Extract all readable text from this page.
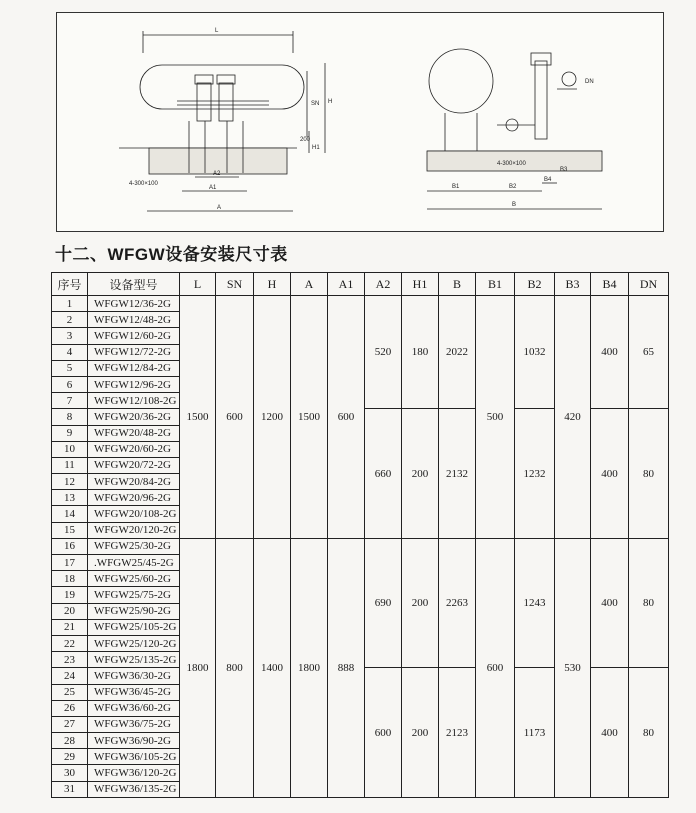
L
SN H
200
H1
A1
A2
A
4-300×100
DN
B1	B2
B3
B4
B
4-300×100
十二、WFGW设备安装尺寸表
序号	设备型号	L	SN	H	A	A1	A2	H1	B	B1	B2	B3	B4	DN
1	WFGW12/36-2G	1500	600	1200	1500	600	520	180	2022	500	1032	420	400	65
2	WFGW12/48-2G													
3	WFGW12/60-2G													
4	WFGW12/72-2G													
5	WFGW12/84-2G													
6	WFGW12/96-2G													
7	WFGW12/108-2G													
8	WFGW20/36-2G						660	200	2132		1232		400	80
9	WFGW20/48-2G													
10	WFGW20/60-2G													
11	WFGW20/72-2G													
12	WFGW20/84-2G													
13	WFGW20/96-2G													
14	WFGW20/108-2G													
15	WFGW20/120-2G													
16	WFGW25/30-2G	1800	800	1400	1800	888	690	200	2263	600	1243	530	400	80
17	.WFGW25/45-2G													
18	WFGW25/60-2G													
19	WFGW25/75-2G													
20	WFGW25/90-2G													
21	WFGW25/105-2G													
22	WFGW25/120-2G													
23	WFGW25/135-2G													
24	WFGW36/30-2G						600	200	2123		1173		400	80
25	WFGW36/45-2G													
26	WFGW36/60-2G													
27	WFGW36/75-2G													
28	WFGW36/90-2G													
29	WFGW36/105-2G													
30	WFGW36/120-2G													
31	WFGW36/135-2G													
